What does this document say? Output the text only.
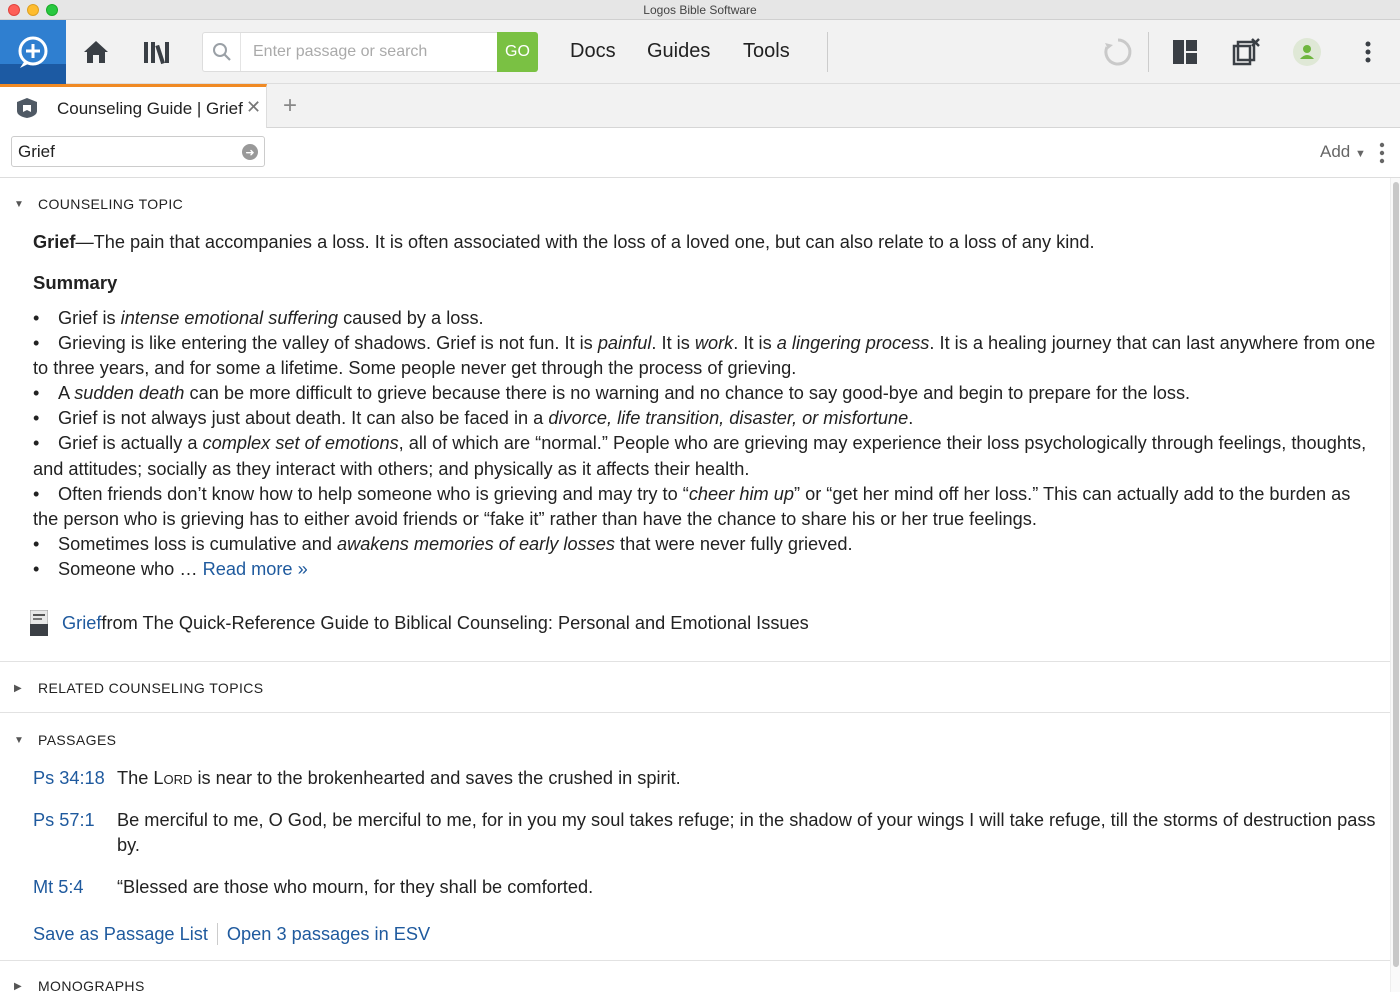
Logos Bible Software
Enter passage or search
GO	Docs Guides Tools
Counseling Guide | Grief ✕ +
Grief
➜	Add ▼
▼ COUNSELING TOPIC
Grief—The pain that accompanies a loss. It is often associated with the loss of a loved one, but can also relate to a loss of any kind.
Summary
• Grief is intense emotional suffering caused by a loss.
• Grieving is like entering the valley of shadows. Grief is not fun. It is painful. It is work. It is a lingering process. It is a healing journey that can last anywhere from one to three years, and for some a lifetime. Some people never get through the process of grieving.
• A sudden death can be more difficult to grieve because there is no warning and no chance to say good-bye and begin to prepare for the loss.
• Grief is not always just about death. It can also be faced in a divorce, life transition, disaster, or misfortune.
• Grief is actually a complex set of emotions, all of which are “normal.” People who are grieving may experience their loss psychologically through feelings, thoughts, and attitudes; socially as they interact with others; and physically as it affects their health.
• Often friends don’t know how to help someone who is grieving and may try to “cheer him up” or “get her mind off her loss.” This can actually add to the burden as the person who is grieving has to either avoid friends or “fake it” rather than have the chance to share his or her true feelings.
• Sometimes loss is cumulative and awakens memories of early losses that were never fully grieved.
• Someone who … Read more »
Grief from The Quick-Reference Guide to Biblical Counseling: Personal and Emotional Issues
▶	RELATED COUNSELING TOPICS
▼ PASSAGES
Ps 34:18 The Lord is near to the brokenhearted and saves the crushed in spirit.
Ps 57:1 Be merciful to me, O God, be merciful to me, for in you my soul takes refuge; in the shadow of your wings I will take refuge, till the storms of destruction pass by.
Mt 5:4 “Blessed are those who mourn, for they shall be comforted.
Save as Passage List Open 3 passages in ESV
▶	MONOGRAPHS
